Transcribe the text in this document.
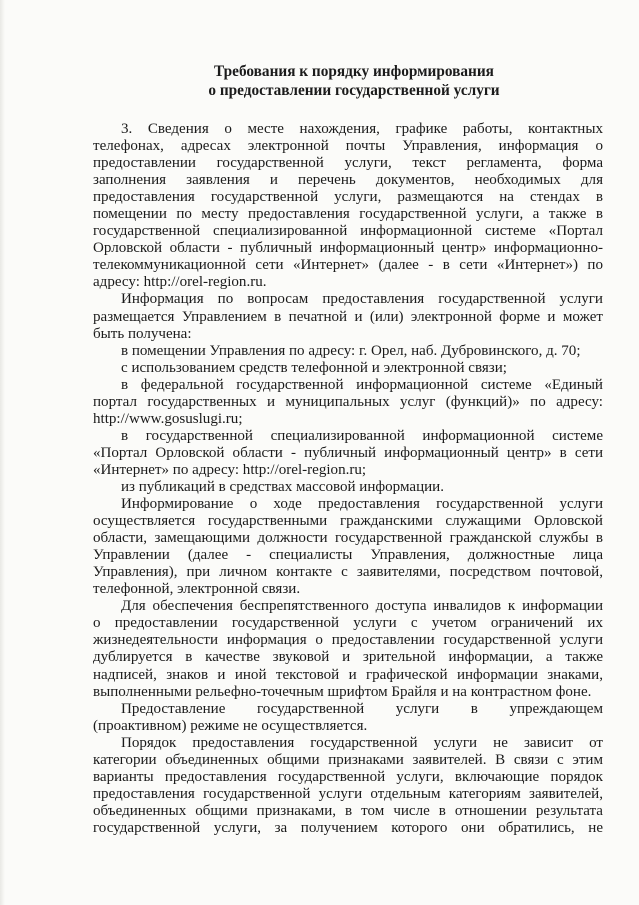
Требования к порядку информирования
о предоставлении государственной услуги
3. Сведения о месте нахождения, графике работы, контактных
телефонах, адресах электронной почты Управления, информация о
предоставлении государственной услуги, текст регламента, форма
заполнения заявления и перечень документов, необходимых для
предоставления государственной услуги, размещаются на стендах в
помещении по месту предоставления государственной услуги, а также в
государственной специализированной информационной системе «Портал
Орловской области - публичный информационный центр» информационно-
телекоммуникационной сети «Интернет» (далее - в сети «Интернет») по
адресу: http://orel-region.ru.
Информация по вопросам предоставления государственной услуги
размещается Управлением в печатной и (или) электронной форме и может
быть получена:
в помещении Управления по адресу: г. Орел, наб. Дубровинского, д. 70;
с использованием средств телефонной и электронной связи;
в федеральной государственной информационной системе «Единый
портал государственных и муниципальных услуг (функций)» по адресу:
http://www.gosuslugi.ru;
в государственной специализированной информационной системе
«Портал Орловской области - публичный информационный центр» в сети
«Интернет» по адресу: http://orel-region.ru;
из публикаций в средствах массовой информации.
Информирование о ходе предоставления государственной услуги
осуществляется государственными гражданскими служащими Орловской
области, замещающими должности государственной гражданской службы в
Управлении (далее - специалисты Управления, должностные лица
Управления), при личном контакте с заявителями, посредством почтовой,
телефонной, электронной связи.
Для обеспечения беспрепятственного доступа инвалидов к информации
о предоставлении государственной услуги с учетом ограничений их
жизнедеятельности информация о предоставлении государственной услуги
дублируется в качестве звуковой и зрительной информации, а также
надписей, знаков и иной текстовой и графической информации знаками,
выполненными рельефно-точечным шрифтом Брайля и на контрастном фоне.
Предоставление государственной услуги в упреждающем
(проактивном) режиме не осуществляется.
Порядок предоставления государственной услуги не зависит от
категории объединенных общими признаками заявителей. В связи с этим
варианты предоставления государственной услуги, включающие порядок
предоставления государственной услуги отдельным категориям заявителей,
объединенных общими признаками, в том числе в отношении результата
государственной услуги, за получением которого они обратились, не
